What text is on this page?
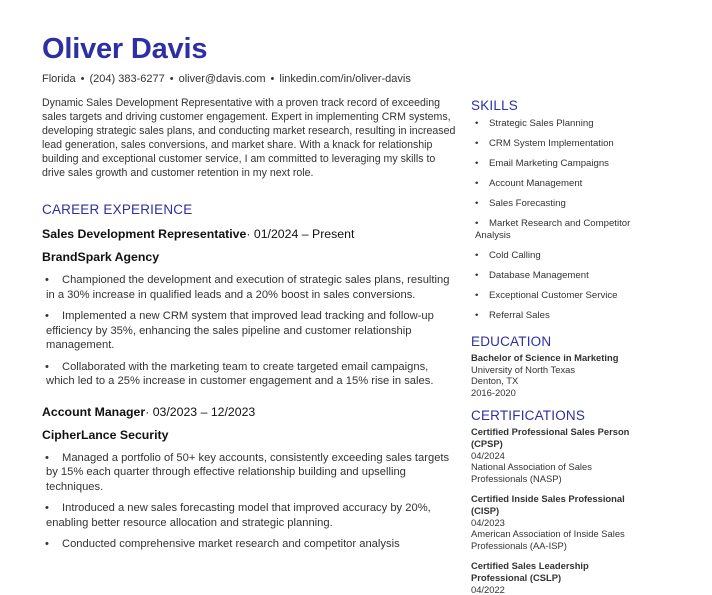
Oliver Davis
Florida • (204) 383-6277 • oliver@davis.com • linkedin.com/in/oliver-davis

Dynamic Sales Development Representative with a proven track record of exceeding sales targets and driving customer engagement. Expert in implementing CRM systems, developing strategic sales plans, and conducting market research, resulting in increased lead generation, sales conversions, and market share. With a knack for relationship building and exceptional customer service, I am committed to leveraging my skills to drive sales growth and customer retention in my next role.

CAREER EXPERIENCE
Sales Development Representative· 01/2024 – Present
BrandSpark Agency
• Championed the development and execution of strategic sales plans, resulting in a 30% increase in qualified leads and a 20% boost in sales conversions.
• Implemented a new CRM system that improved lead tracking and follow-up efficiency by 35%, enhancing the sales pipeline and customer relationship management.
• Collaborated with the marketing team to create targeted email campaigns, which led to a 25% increase in customer engagement and a 15% rise in sales.
Account Manager· 03/2023 – 12/2023
CipherLance Security
• Managed a portfolio of 50+ key accounts, consistently exceeding sales targets by 15% each quarter through effective relationship building and upselling techniques.
• Introduced a new sales forecasting model that improved accuracy by 20%, enabling better resource allocation and strategic planning.
• Conducted comprehensive market research and competitor analysis
SKILLS
• Strategic Sales Planning
• CRM System Implementation
• Email Marketing Campaigns
• Account Management
• Sales Forecasting
• Market Research and Competitor Analysis
• Cold Calling
• Database Management
• Exceptional Customer Service
• Referral Sales
EDUCATION
Bachelor of Science in Marketing
University of North Texas
Denton, TX
2016-2020
CERTIFICATIONS
Certified Professional Sales Person (CPSP)
04/2024
National Association of Sales Professionals (NASP)
Certified Inside Sales Professional (CISP)
04/2023
American Association of Inside Sales Professionals (AA-ISP)
Certified Sales Leadership Professional (CSLP)
04/2022
